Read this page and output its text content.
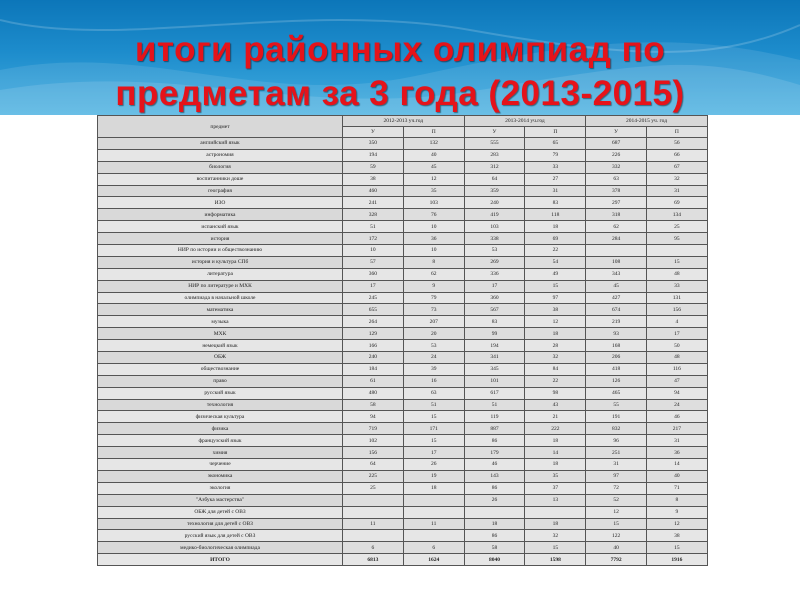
итоги районных олимпиад по предметам за 3 года (2013-2015)
предмет	2012-2013 уч.год		2013-2014 уч.год		2014-2015 уч. год	
	У	П	У	П	У	П
английский язык	350	132	555	65	687	56
астрономия	194	40	283	79	226	66
биология	59	45	312	33	332	67
воспитанники доше	38	12	64	27	63	32
география	460	35	359	31	378	31
ИЗО	241	103	240	83	297	69
информатика	328	76	419	118	318	134
испанский язык	51	10	103	18	62	25
история	172	36	338	69	284	95
НИР по истории и обществознанию	10	10	53	22		
история и культура СПб	57	8	269	54	108	15
литература	360	62	336	49	343	48
НИР по литературе и МХК	17	9	17	15	45	33
олимпиада в начальной школе	245	79	360	97	427	131
математика	655	73	567	38	674	156
музыка	264	207	83	12	219	4
МХК	129	20	99	18	93	17
немецкий язык	166	53	194	28	168	50
ОБЖ	240	24	341	32	206	48
обществознание	184	39	345	84	418	116
право	61	16	101	22	126	47
русский язык	480	63	617	98	465	94
технология	58	51	51	43	55	24
физическая культура	94	15	119	21	191	46
физика	719	171	887	222	832	217
французский язык	102	15	86	18	96	31
химия	156	17	179	14	251	36
черчение	64	26	46	18	31	14
экономика	225	19	143	35	97	40
экология	25	18	86	37	72	71
"Азбука мастерства"			26	13	52	8
ОБЖ для детей с ОВЗ					12	9
технология для детей с ОВЗ	11	11	18	18	15	12
русский язык для детей с ОВЗ			86	32	122	38
медико-биологическая олимпиада	6	6	58	15	40	15
ИТОГО	6813	1624	8040	1598	7792	1916
